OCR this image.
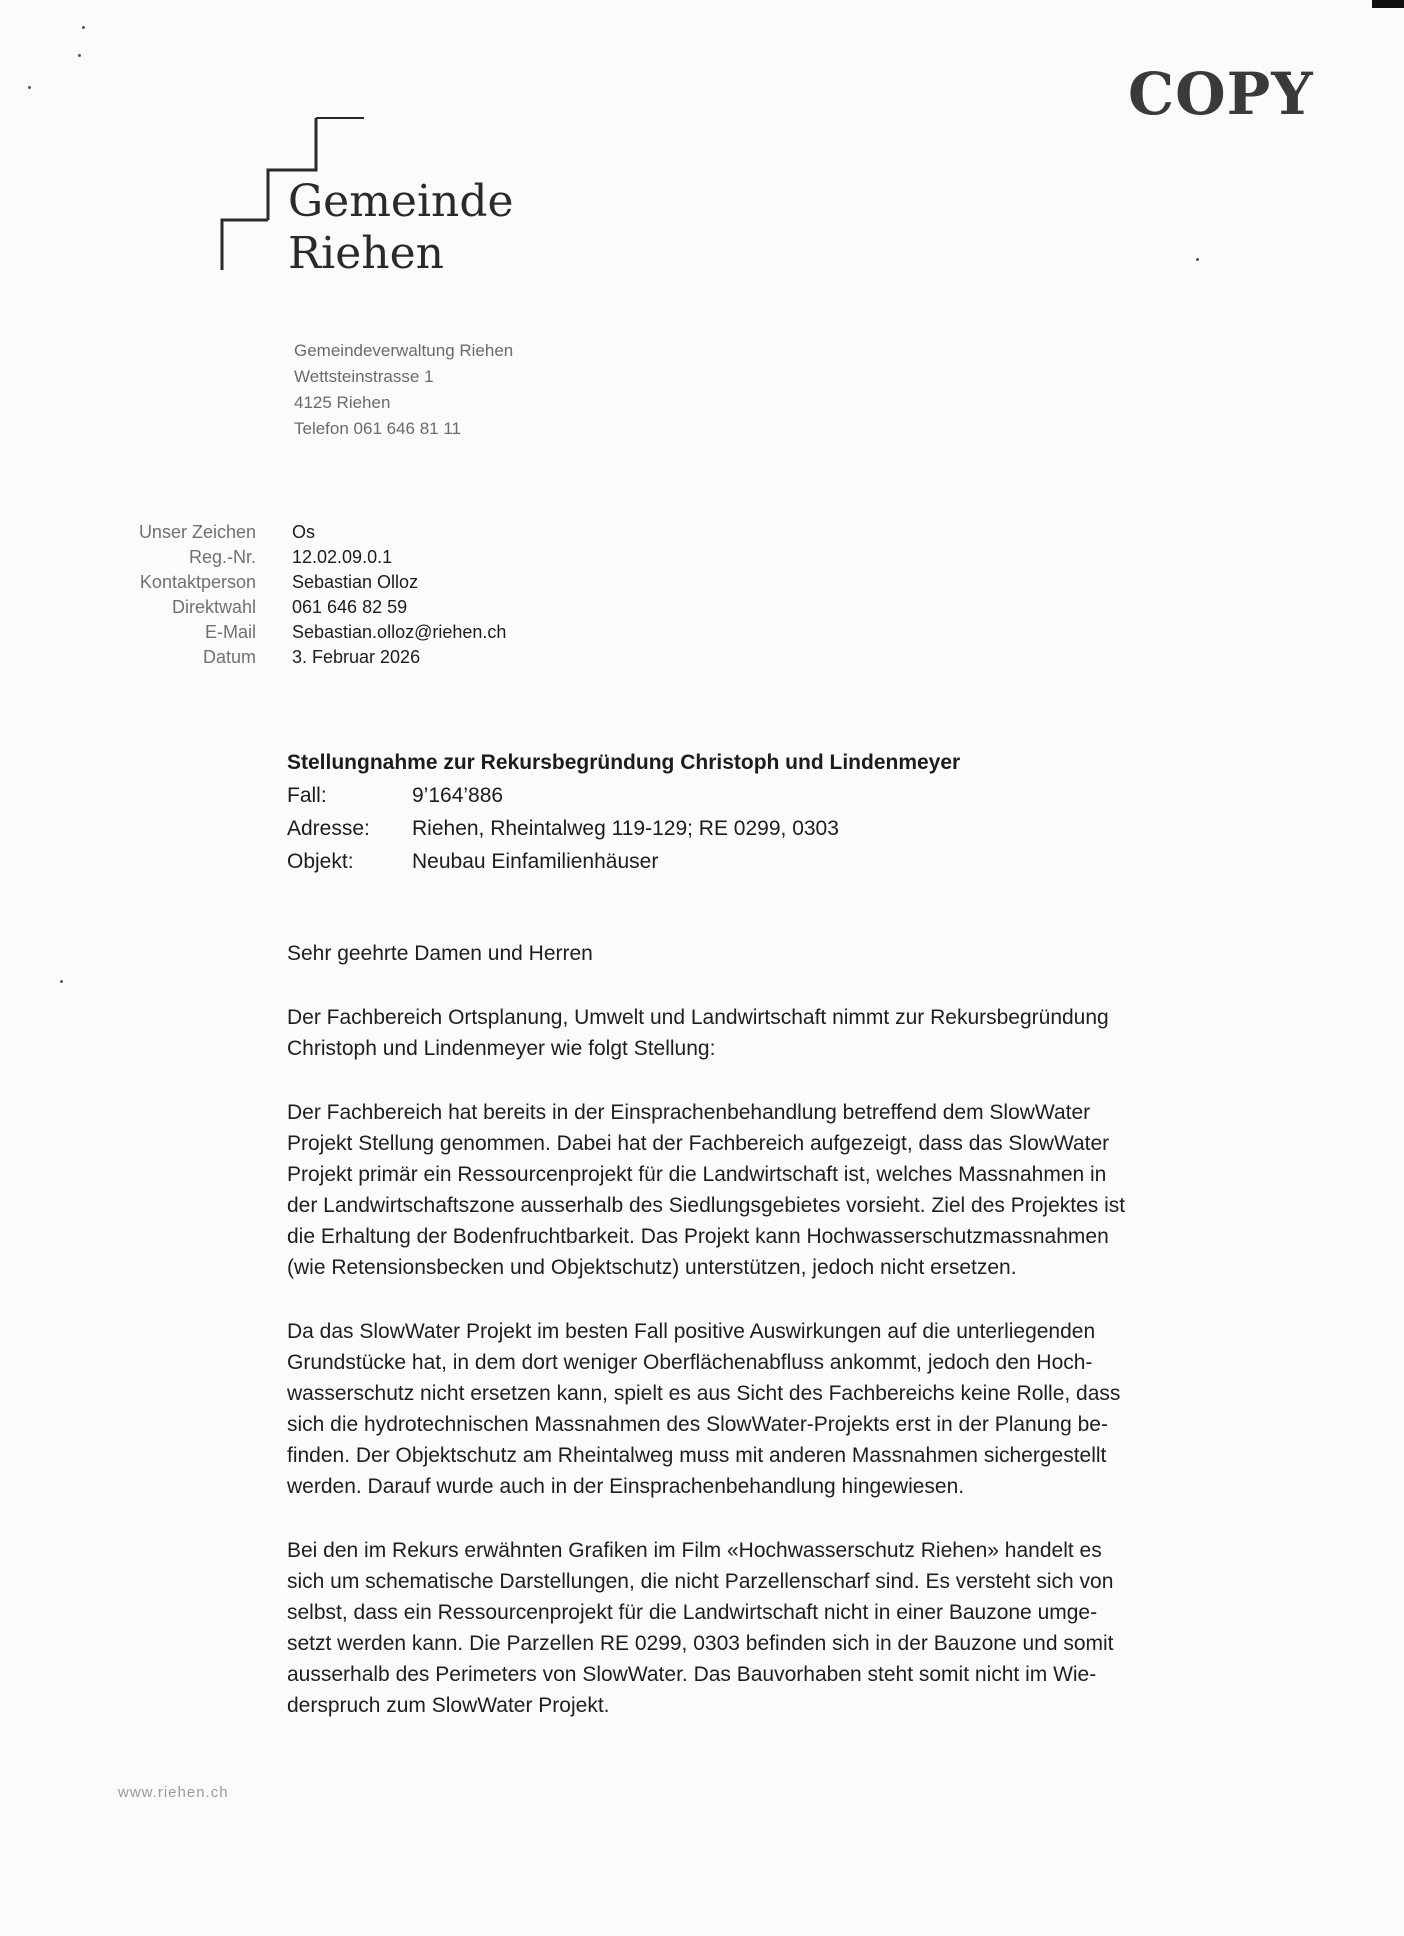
COPY
Gemeinde
Riehen
Gemeindeverwaltung Riehen
Wettsteinstrasse 1
4125 Riehen
Telefon 061 646 81 11
Unser Zeichen Os
Reg.-Nr. 12.02.09.0.1
Kontaktperson Sebastian Olloz
Direktwahl 061 646 82 59
E-Mail Sebastian.olloz@riehen.ch
Datum 3. Februar 2026
Stellungnahme zur Rekursbegründung Christoph und Lindenmeyer
Fall:	9’164’886
Adresse:	Riehen, Rheintalweg 119-129; RE 0299, 0303
Objekt:	Neubau Einfamilienhäuser

Sehr geehrte Damen und Herren

Der Fachbereich Ortsplanung, Umwelt und Landwirtschaft nimmt zur Rekursbegründung
Christoph und Lindenmeyer wie folgt Stellung:

Der Fachbereich hat bereits in der Einsprachenbehandlung betreffend dem SlowWater
Projekt Stellung genommen. Dabei hat der Fachbereich aufgezeigt, dass das SlowWater
Projekt primär ein Ressourcenprojekt für die Landwirtschaft ist, welches Massnahmen in
der Landwirtschaftszone ausserhalb des Siedlungsgebietes vorsieht. Ziel des Projektes ist
die Erhaltung der Bodenfruchtbarkeit. Das Projekt kann Hochwasserschutzmassnahmen
(wie Retensionsbecken und Objektschutz) unterstützen, jedoch nicht ersetzen.

Da das SlowWater Projekt im besten Fall positive Auswirkungen auf die unterliegenden
Grundstücke hat, in dem dort weniger Oberflächenabfluss ankommt, jedoch den Hoch-
wasserschutz nicht ersetzen kann, spielt es aus Sicht des Fachbereichs keine Rolle, dass
sich die hydrotechnischen Massnahmen des SlowWater-Projekts erst in der Planung be-
finden. Der Objektschutz am Rheintalweg muss mit anderen Massnahmen sichergestellt
werden. Darauf wurde auch in der Einsprachenbehandlung hingewiesen.

Bei den im Rekurs erwähnten Grafiken im Film «Hochwasserschutz Riehen» handelt es
sich um schematische Darstellungen, die nicht Parzellenscharf sind. Es versteht sich von
selbst, dass ein Ressourcenprojekt für die Landwirtschaft nicht in einer Bauzone umge-
setzt werden kann. Die Parzellen RE 0299, 0303 befinden sich in der Bauzone und somit
ausserhalb des Perimeters von SlowWater. Das Bauvorhaben steht somit nicht im Wie-
derspruch zum SlowWater Projekt.

www.riehen.ch
